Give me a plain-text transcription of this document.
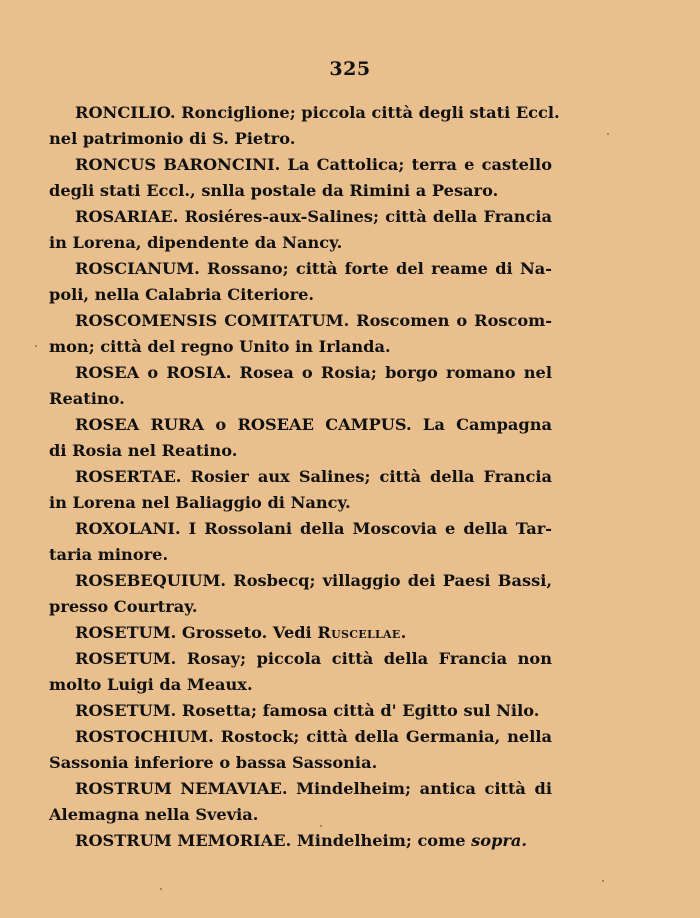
325

RONCILIO. Ronciglione; piccola città degli stati Eccl.
nel patrimonio di S. Pietro.

RONCUS BARONCINI. La Cattolica; terra e castello
degli stati Eccl., snlla postale da Rimini a Pesaro.

ROSARIAE. Rosiéres-aux-Salines; città della Francia
in Lorena, dipendente da Nancy.

ROSCIANUM. Rossano; città forte del reame di Na-
poli, nella Calabria Citeriore.

ROSCOMENSIS COMITATUM. Roscomen o Roscom-
mon; città del regno Unito in Irlanda.

ROSEA o ROSIA. Rosea o Rosia; borgo romano nel
Reatino.

ROSEA RURA o ROSEAE CAMPUS. La Campagna
di Rosia nel Reatino.

ROSERTAE. Rosier aux Salines; città della Francia
in Lorena nel Baliaggio di Nancy.

ROXOLANI. I Rossolani della Moscovia e della Tar-
taria minore.

ROSEBEQUIUM. Rosbecq; villaggio dei Paesi Bassi,
presso Courtray.

ROSETUM. Grosseto. Vedi Ruscellae.

ROSETUM. Rosay; piccola città della Francia non
molto Luigi da Meaux.

ROSETUM. Rosetta; famosa città d' Egitto sul Nilo.

ROSTOCHIUM. Rostock; città della Germania, nella
Sassonia inferiore o bassa Sassonia.

ROSTRUM NEMAVIAE. Mindelheim; antica città di
Alemagna nella Svevia.

ROSTRUM MEMORIAE. Mindelheim; come sopra.
